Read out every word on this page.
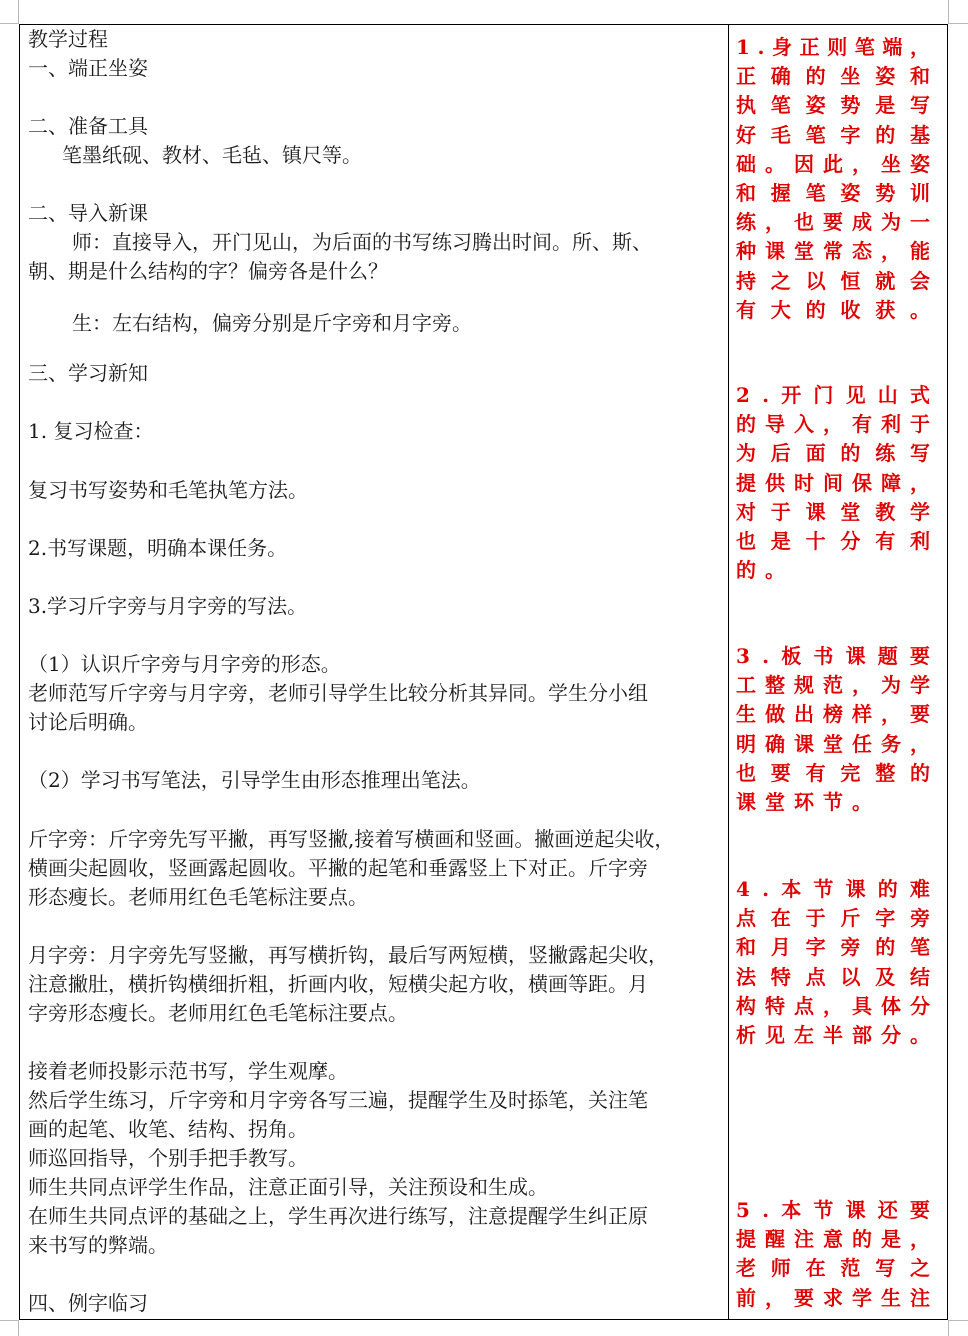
教学过程
一、端正坐姿
二、准备工具
笔墨纸砚、教材、毛毡、镇尺等。
二、导入新课
师：直接导入，开门见山，为后面的书写练习腾出时间。所、斯、
朝、期是什么结构的字？偏旁各是什么？
生：左右结构，偏旁分别是斤字旁和月字旁。
三、学习新知
1. 复习检查：
复习书写姿势和毛笔执笔方法。
2.书写课题，明确本课任务。
3.学习斤字旁与月字旁的写法。
（1）认识斤字旁与月字旁的形态。
老师范写斤字旁与月字旁，老师引导学生比较分析其异同。学生分小组
讨论后明确。
（2）学习书写笔法，引导学生由形态推理出笔法。
斤字旁：斤字旁先写平撇，再写竖撇,接着写横画和竖画。撇画逆起尖收，
横画尖起圆收，竖画露起圆收。平撇的起笔和垂露竖上下对正。斤字旁
形态瘦长。老师用红色毛笔标注要点。
月字旁：月字旁先写竖撇，再写横折钩，最后写两短横，竖撇露起尖收，
注意撇肚，横折钩横细折粗，折画内收，短横尖起方收，横画等距。月
字旁形态瘦长。老师用红色毛笔标注要点。
接着老师投影示范书写，学生观摩。
然后学生练习，斤字旁和月字旁各写三遍，提醒学生及时掭笔，关注笔
画的起笔、收笔、结构、拐角。
师巡回指导，个别手把手教写。
师生共同点评学生作品，注意正面引导，关注预设和生成。
在师生共同点评的基础之上，学生再次进行练写，注意提醒学生纠正原
来书写的弊端。
四、例字临习
1 . 身 正 则 笔 端 ，
正 确 的 坐 姿 和
执 笔 姿 势 是 写
好 毛 笔 字 的 基
础 。 因 此 ， 坐 姿
和 握 笔 姿 势 训
练 ， 也 要 成 为 一
种 课 堂 常 态 ， 能
持 之 以 恒 就 会
有 大 的 收 获 。
2 . 开 门 见 山 式
的 导 入 ， 有 利 于
为 后 面 的 练 写
提 供 时 间 保 障 ，
对 于 课 堂 教 学
也 是 十 分 有 利
的 。
3 . 板 书 课 题 要
工 整 规 范 ， 为 学
生 做 出 榜 样 ， 要
明 确 课 堂 任 务 ，
也 要 有 完 整 的
课 堂 环 节 。
4 . 本 节 课 的 难
点 在 于 斤 字 旁
和 月 字 旁 的 笔
法 特 点 以 及 结
构 特 点 ， 具 体 分
析 见 左 半 部 分 。
5 . 本 节 课 还 要
提 醒 注 意 的 是 ，
老 师 在 范 写 之
前 ， 要 求 学 生 注
